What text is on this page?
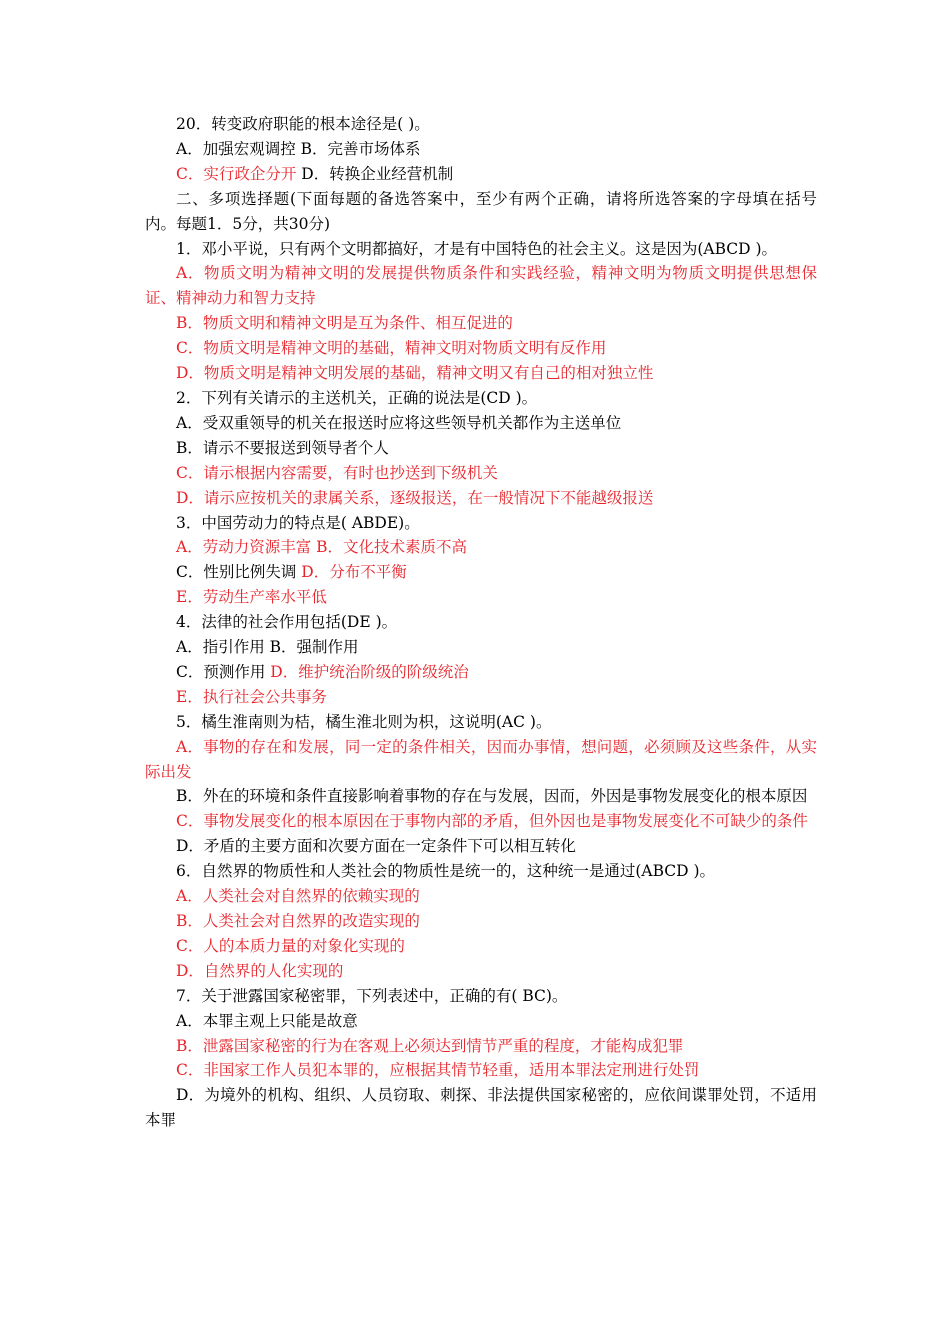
20．转变政府职能的根本途径是( )。

A．加强宏观调控 B．完善市场体系

C．实行政企分开 D．转换企业经营机制

二、多项选择题(下面每题的备选答案中，至少有两个正确，请将所选答案的字母填在括号内。每题1．5分，共30分)

1．邓小平说，只有两个文明都搞好，才是有中国特色的社会主义。这是因为(ABCD )。

A．物质文明为精神文明的发展提供物质条件和实践经验，精神文明为物质文明提供思想保证、精神动力和智力支持

B．物质文明和精神文明是互为条件、相互促进的

C．物质文明是精神文明的基础，精神文明对物质文明有反作用

D．物质文明是精神文明发展的基础，精神文明又有自己的相对独立性

2．下列有关请示的主送机关，正确的说法是(CD )。

A．受双重领导的机关在报送时应将这些领导机关都作为主送单位

B．请示不要报送到领导者个人

C．请示根据内容需要，有时也抄送到下级机关

D．请示应按机关的隶属关系，逐级报送，在一般情况下不能越级报送

3．中国劳动力的特点是( ABDE)。

A．劳动力资源丰富 B．文化技术素质不高

C．性别比例失调 D．分布不平衡

E．劳动生产率水平低

4．法律的社会作用包括(DE )。

A．指引作用 B．强制作用

C．预测作用 D．维护统治阶级的阶级统治

E．执行社会公共事务

5．橘生淮南则为桔，橘生淮北则为枳，这说明(AC )。

A．事物的存在和发展，同一定的条件相关，因而办事情，想问题，必须顾及这些条件，从实际出发

B．外在的环境和条件直接影响着事物的存在与发展，因而，外因是事物发展变化的根本原因

C．事物发展变化的根本原因在于事物内部的矛盾，但外因也是事物发展变化不可缺少的条件

D．矛盾的主要方面和次要方面在一定条件下可以相互转化

6．自然界的物质性和人类社会的物质性是统一的，这种统一是通过(ABCD )。

A．人类社会对自然界的依赖实现的

B．人类社会对自然界的改造实现的

C．人的本质力量的对象化实现的

D．自然界的人化实现的

7．关于泄露国家秘密罪，下列表述中，正确的有( BC)。

A．本罪主观上只能是故意

B．泄露国家秘密的行为在客观上必须达到情节严重的程度，才能构成犯罪

C．非国家工作人员犯本罪的，应根据其情节轻重，适用本罪法定刑进行处罚

D．为境外的机构、组织、人员窃取、刺探、非法提供国家秘密的，应依间谍罪处罚，不适用本罪
